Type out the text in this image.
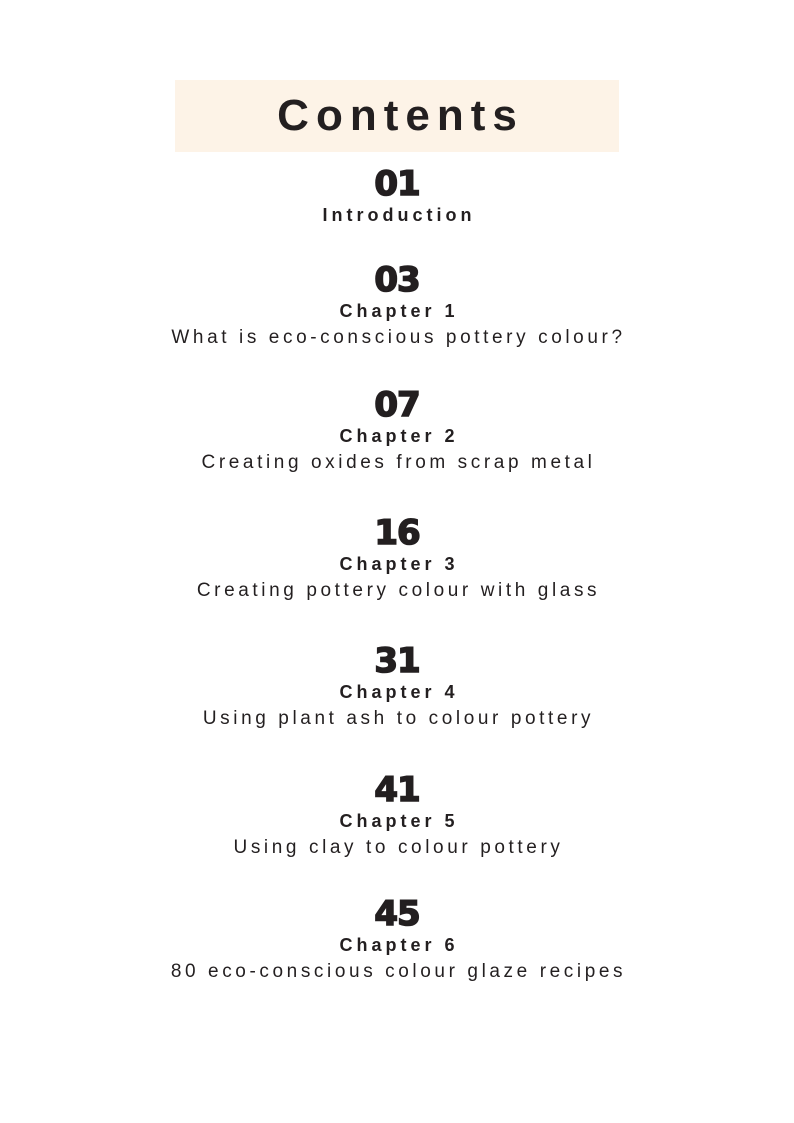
Contents
01
Introduction
03
Chapter 1
What is eco-conscious pottery colour?
07
Chapter 2
Creating oxides from scrap metal
16
Chapter 3
Creating pottery colour with glass
31
Chapter 4
Using plant ash to colour pottery
41
Chapter 5
Using clay to colour pottery
45
Chapter 6
80 eco-conscious colour glaze recipes
